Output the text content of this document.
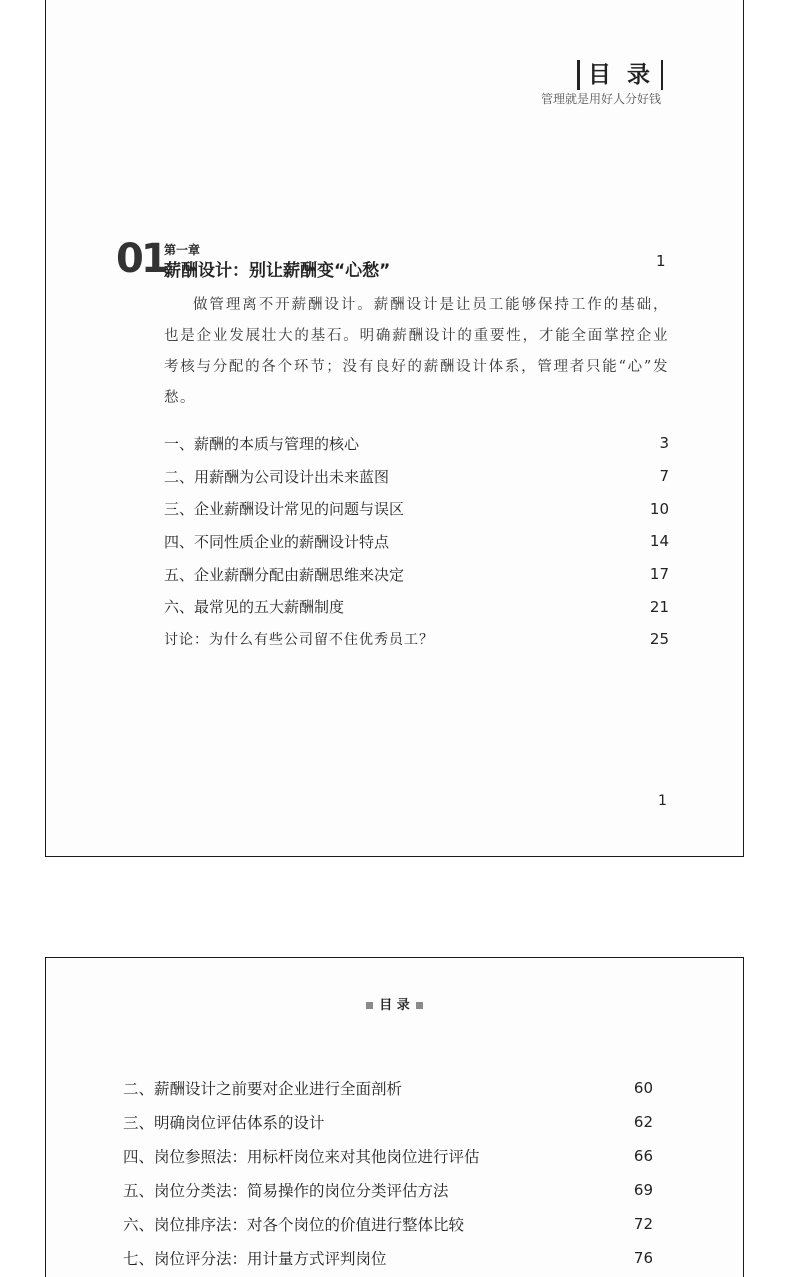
目 录
管理就是用好人分好钱
01
第一章
薪酬设计：别让薪酬变“心愁”	1
做管理离不开薪酬设计。薪酬设计是让员工能够保持工作的基础，也是企业发展壮大的基石。明确薪酬设计的重要性，才能全面掌控企业考核与分配的各个环节；没有良好的薪酬设计体系，管理者只能“心”发愁。
一、薪酬的本质与管理的核心	3
二、用薪酬为公司设计出未来蓝图	7
三、企业薪酬设计常见的问题与误区	10
四、不同性质企业的薪酬设计特点	14
五、企业薪酬分配由薪酬思维来决定	17
六、最常见的五大薪酬制度	21
讨论：为什么有些公司留不住优秀员工？	25
1
目 录
二、薪酬设计之前要对企业进行全面剖析	60
三、明确岗位评估体系的设计	62
四、岗位参照法：用标杆岗位来对其他岗位进行评估	66
五、岗位分类法：简易操作的岗位分类评估方法	69
六、岗位排序法：对各个岗位的价值进行整体比较	72
七、岗位评分法：用计量方式评判岗位	76
